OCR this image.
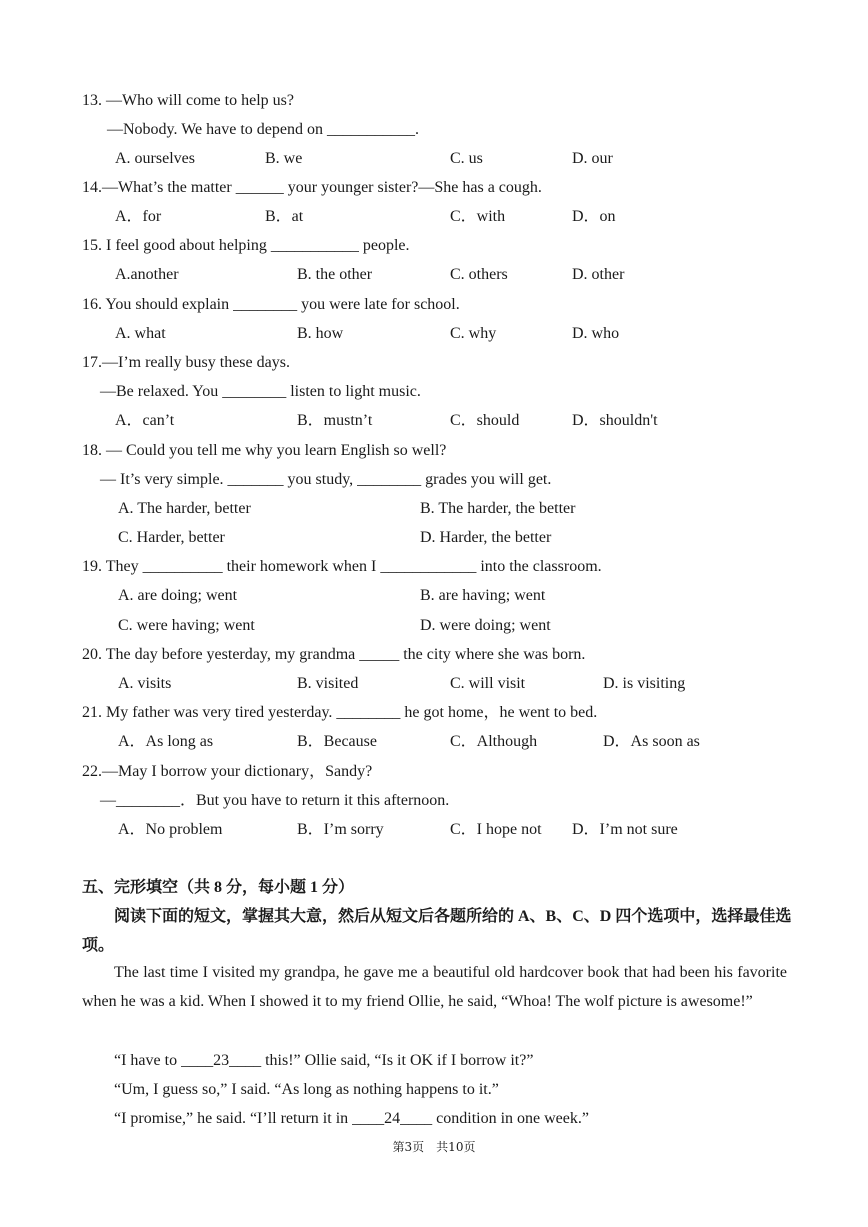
13. —Who will come to help us?
—Nobody. We have to depend on ___________.
A. ourselves	B. we	C. us	D. our
14.—What’s the matter ______ your younger sister?—She has a cough.
A．for	B．at	C．with	D．on
15. I feel good about helping ___________ people.
A.another	B. the other	C. others	D. other
16. You should explain ________ you were late for school.
A. what	B. how	C. why	D. who
17.—I’m really busy these days.
—Be relaxed. You ________ listen to light music.
A．can’t	B．mustn’t	C．should	D．shouldn't
18. — Could you tell me why you learn English so well?
— It’s very simple. _______ you study, ________ grades you will get.
A. The harder, better	B. The harder, the better
C. Harder, better	D. Harder, the better
19. They __________ their homework when I ____________ into the classroom.
A. are doing; went	B. are having; went
C. were having; went	D. were doing; went
20. The day before yesterday, my grandma _____ the city where she was born.
A. visits	B. visited	C. will visit	D. is visiting
21. My father was very tired yesterday. ________ he got home，he went to bed.
A．As long as	B．Because	C．Although	D．As soon as
22.—May I borrow your dictionary，Sandy?
—________．But you have to return it this afternoon.
A．No problem	B．I’m sorry	C．I hope not D．I’m not sure
五、完形填空（共 8 分，每小题 1 分）
阅读下面的短文，掌握其大意，然后从短文后各题所给的 A、B、C、D 四个选项中，选择最佳选项。
The last time I visited my grandpa, he gave me a beautiful old hardcover book that had been his favorite when he was a kid. When I showed it to my friend Ollie, he said, “Whoa! The wolf picture is awesome!”
“I have to ____23____ this!” Ollie said, “Is it OK if I borrow it?”
“Um, I guess so,” I said. “As long as nothing happens to it.”
“I promise,” he said. “I’ll return it in ____24____ condition in one week.”
第3页　共10页
